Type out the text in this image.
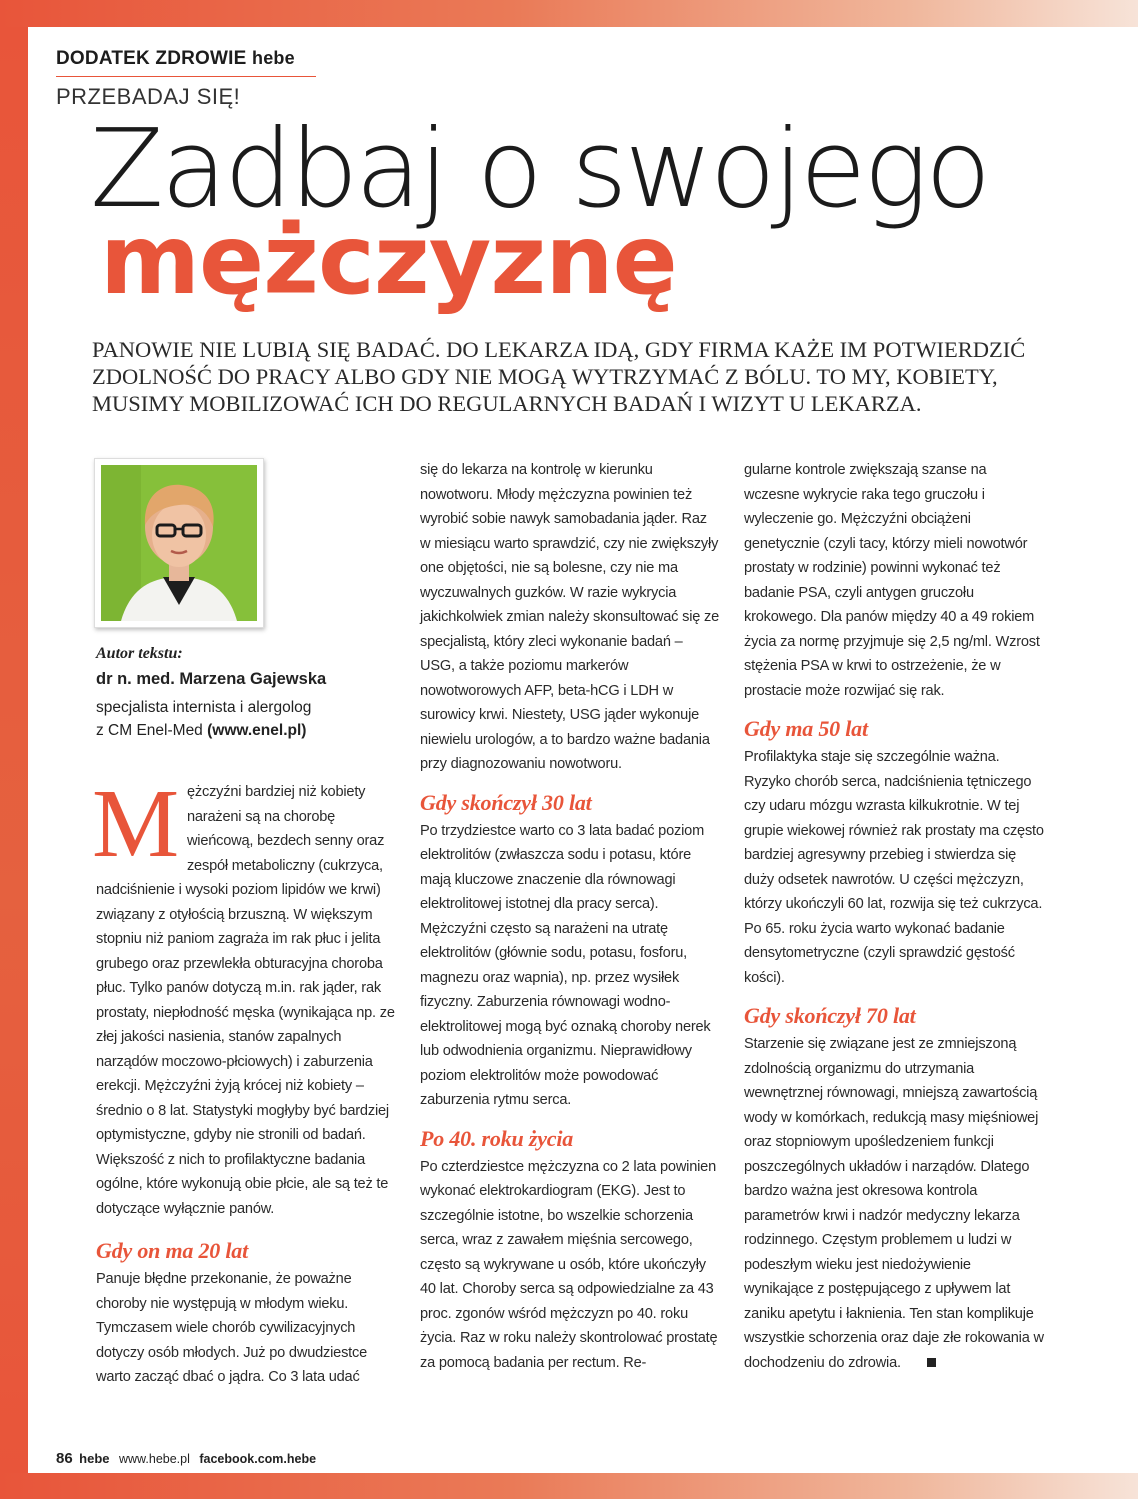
DODATEK ZDROWIE hebe
PRZEBADAJ SIĘ!
Zadbaj o swojego
mężczyznę
PANOWIE NIE LUBIĄ SIĘ BADAĆ. DO LEKARZA IDĄ, GDY FIRMA KAŻE IM POTWIERDZIĆ ZDOLNOŚĆ DO PRACY ALBO GDY NIE MOGĄ WYTRZYMAĆ Z BÓLU. TO MY, KOBIETY, MUSIMY MOBILIZOWAĆ ICH DO REGULARNYCH BADAŃ I WIZYT U LEKARZA.
Autor tekstu:
dr n. med. Marzena Gajewska
specjalista internista i alergolog
z CM Enel-Med (www.enel.pl)

Mężczyźni bardziej niż kobiety narażeni są na chorobę wieńcową, bezdech senny oraz zespół metaboliczny (cukrzyca, nadciśnienie i wysoki poziom lipidów we krwi) związany z otyłością brzuszną. W większym stopniu niż paniom zagraża im rak płuc i jelita grubego oraz przewlekła obturacyjna choroba płuc. Tylko panów dotyczą m.in. rak jąder, rak prostaty, niepłodność męska (wynikająca np. ze złej jakości nasienia, stanów zapalnych narządów moczowo-płciowych) i zaburzenia erekcji. Mężczyźni żyją krócej niż kobiety – średnio o 8 lat. Statystyki mogłyby być bardziej optymistyczne, gdyby nie stronili od badań. Większość z nich to profilaktyczne badania ogólne, które wykonują obie płcie, ale są też te dotyczące wyłącznie panów.

Gdy on ma 20 lat

Panuje błędne przekonanie, że poważne choroby nie występują w młodym wieku. Tymczasem wiele chorób cywilizacyjnych dotyczy osób młodych. Już po dwudziestce warto zacząć dbać o jądra. Co 3 lata udać

się do lekarza na kontrolę w kierunku nowotworu. Młody mężczyzna powinien też wyrobić sobie nawyk samobadania jąder. Raz w miesiącu warto sprawdzić, czy nie zwiększyły one objętości, nie są bolesne, czy nie ma wyczuwalnych guzków. W razie wykrycia jakichkolwiek zmian należy skonsultować się ze specjalistą, który zleci wykonanie badań – USG, a także poziomu markerów nowotworowych AFP, beta-hCG i LDH w surowicy krwi. Niestety, USG jąder wykonuje niewielu urologów, a to bardzo ważne badania przy diagnozowaniu nowotworu.

Gdy skończył 30 lat

Po trzydziestce warto co 3 lata badać poziom elektrolitów (zwłaszcza sodu i potasu, które mają kluczowe znaczenie dla równowagi elektrolitowej istotnej dla pracy serca). Mężczyźni często są narażeni na utratę elektrolitów (głównie sodu, potasu, fosforu, magnezu oraz wapnia), np. przez wysiłek fizyczny. Zaburzenia równowagi wodno-elektrolitowej mogą być oznaką choroby nerek lub odwodnienia organizmu. Nieprawidłowy poziom elektrolitów może powodować zaburzenia rytmu serca.

Po 40. roku życia

Po czterdziestce mężczyzna co 2 lata powinien wykonać elektrokardiogram (EKG). Jest to szczególnie istotne, bo wszelkie schorzenia serca, wraz z zawałem mięśnia sercowego, często są wykrywane u osób, które ukończyły 40 lat. Choroby serca są odpowiedzialne za 43 proc. zgonów wśród mężczyzn po 40. roku życia. Raz w roku należy skontrolować prostatę za pomocą badania per rectum. Re-

gularne kontrole zwiększają szanse na wczesne wykrycie raka tego gruczołu i wyleczenie go. Mężczyźni obciążeni genetycznie (czyli tacy, którzy mieli nowotwór prostaty w rodzinie) powinni wykonać też badanie PSA, czyli antygen gruczołu krokowego. Dla panów między 40 a 49 rokiem życia za normę przyjmuje się 2,5 ng/ml. Wzrost stężenia PSA w krwi to ostrzeżenie, że w prostacie może rozwijać się rak.

Gdy ma 50 lat

Profilaktyka staje się szczególnie ważna. Ryzyko chorób serca, nadciśnienia tętniczego czy udaru mózgu wzrasta kilkukrotnie. W tej grupie wiekowej również rak prostaty ma często bardziej agresywny przebieg i stwierdza się duży odsetek nawrotów. U części mężczyzn, którzy ukończyli 60 lat, rozwija się też cukrzyca. Po 65. roku życia warto wykonać badanie densytometryczne (czyli sprawdzić gęstość kości).

Gdy skończył 70 lat

Starzenie się związane jest ze zmniejszoną zdolnością organizmu do utrzymania wewnętrznej równowagi, mniejszą zawartością wody w komórkach, redukcją masy mięśniowej oraz stopniowym upośledzeniem funkcji poszczególnych układów i narządów. Dlatego bardzo ważna jest okresowa kontrola parametrów krwi i nadzór medyczny lekarza rodzinnego. Częstym problemem u ludzi w podeszłym wieku jest niedożywienie wynikające z postępującego z upływem lat zaniku apetytu i łaknienia. Ten stan komplikuje wszystkie schorzenia oraz daje złe rokowania w dochodzeniu do zdrowia.

86 hebe www.hebe.pl facebook.com.hebe
